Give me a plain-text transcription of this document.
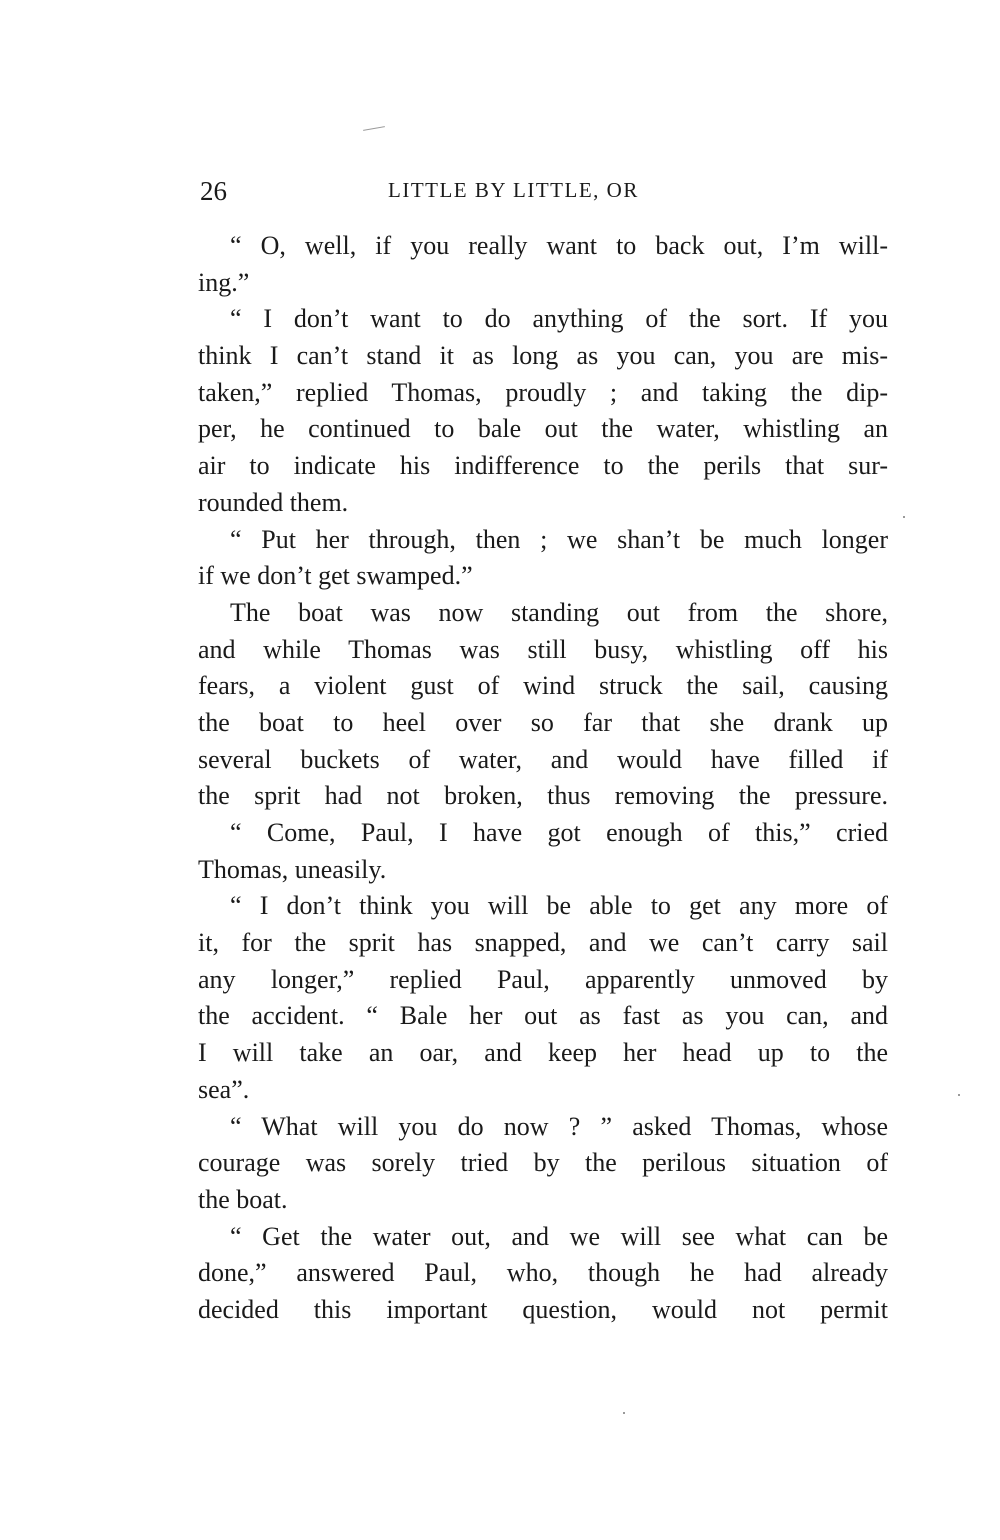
26	LITTLE BY LITTLE, OR
“ O, well, if you really want to back out, I’m will-
ing.”
“ I don’t want to do anything of the sort. If you
think I can’t stand it as long as you can, you are mis-
taken,” replied Thomas, proudly ; and taking the dip-
per, he continued to bale out the water, whistling an
air to indicate his indifference to the perils that sur-
rounded them.
“ Put her through, then ; we shan’t be much longer
if we don’t get swamped.”
The boat was now standing out from the shore,
and while Thomas was still busy, whistling off his
fears, a violent gust of wind struck the sail, causing
the boat to heel over so far that she drank up
several buckets of water, and would have filled if
the sprit had not broken, thus removing the pressure.
“ Come, Paul, I have got enough of this,” cried
Thomas, uneasily.
“ I don’t think you will be able to get any more of
it, for the sprit has snapped, and we can’t carry sail
any longer,” replied Paul, apparently unmoved by
the accident. “ Bale her out as fast as you can, and
I will take an oar, and keep her head up to the
sea”.
“ What will you do now ? ” asked Thomas, whose
courage was sorely tried by the perilous situation of
the boat.
“ Get the water out, and we will see what can be
done,” answered Paul, who, though he had already
decided this important question, would not permit
